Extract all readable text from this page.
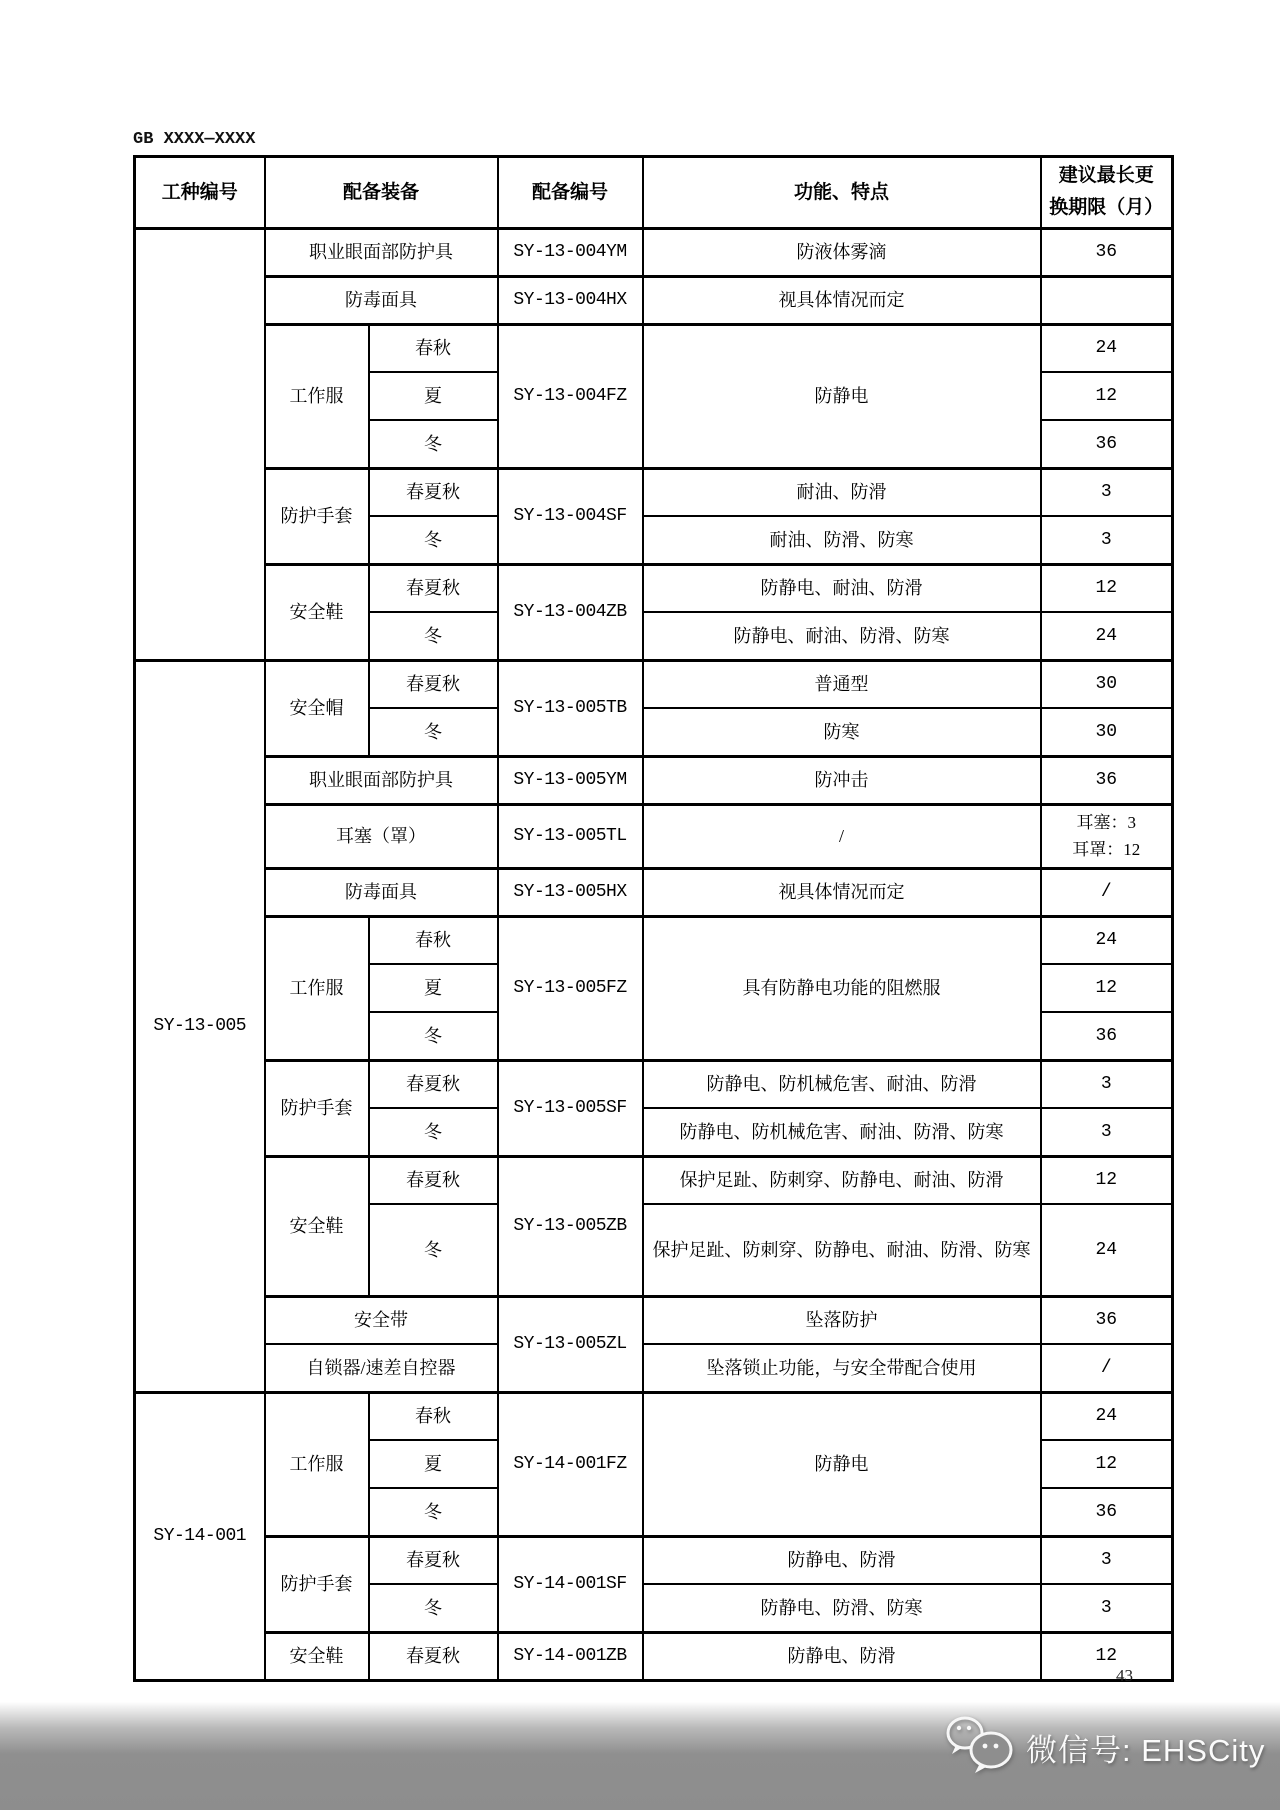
GB XXXX—XXXX
工种编号	配备装备		配备编号	功能、特点	建议最长更
换期限（月）

	职业眼面部防护具		SY-13-004YM	防液体雾滴	36
	防毒面具		SY-13-004HX	视具体情况而定	
	工作服	春秋	SY-13-004FZ	防静电	24
		夏			12
		冬			36
	防护手套	春夏秋	SY-13-004SF	耐油、防滑	3
		冬		耐油、防滑、防寒	3
	安全鞋	春夏秋	SY-13-004ZB	防静电、耐油、防滑	12
		冬		防静电、耐油、防滑、防寒	24
SY-13-005	安全帽	春夏秋	SY-13-005TB	普通型	30
		冬		防寒	30
	职业眼面部防护具		SY-13-005YM	防冲击	36
	耳塞（罩）		SY-13-005TL	/	耳塞：3
耳罩：12

	防毒面具		SY-13-005HX	视具体情况而定	/
	工作服	春秋	SY-13-005FZ	具有防静电功能的阻燃服	24
		夏			12
		冬			36
	防护手套	春夏秋	SY-13-005SF	防静电、防机械危害、耐油、防滑	3
		冬		防静电、防机械危害、耐油、防滑、防寒	3
	安全鞋	春夏秋	SY-13-005ZB	保护足趾、防刺穿、防静电、耐油、防滑	12
		冬		保护足趾、防刺穿、防静电、耐油、防滑、防寒	24
	安全带		SY-13-005ZL	坠落防护	36
	自锁器/速差自控器			坠落锁止功能，与安全带配合使用	/
SY-14-001	工作服	春秋	SY-14-001FZ	防静电	24
		夏			12
		冬			36
	防护手套	春夏秋	SY-14-001SF	防静电、防滑	3
		冬		防静电、防滑、防寒	3
	安全鞋	春夏秋	SY-14-001ZB	防静电、防滑	12
43
微信号: EHSCity
